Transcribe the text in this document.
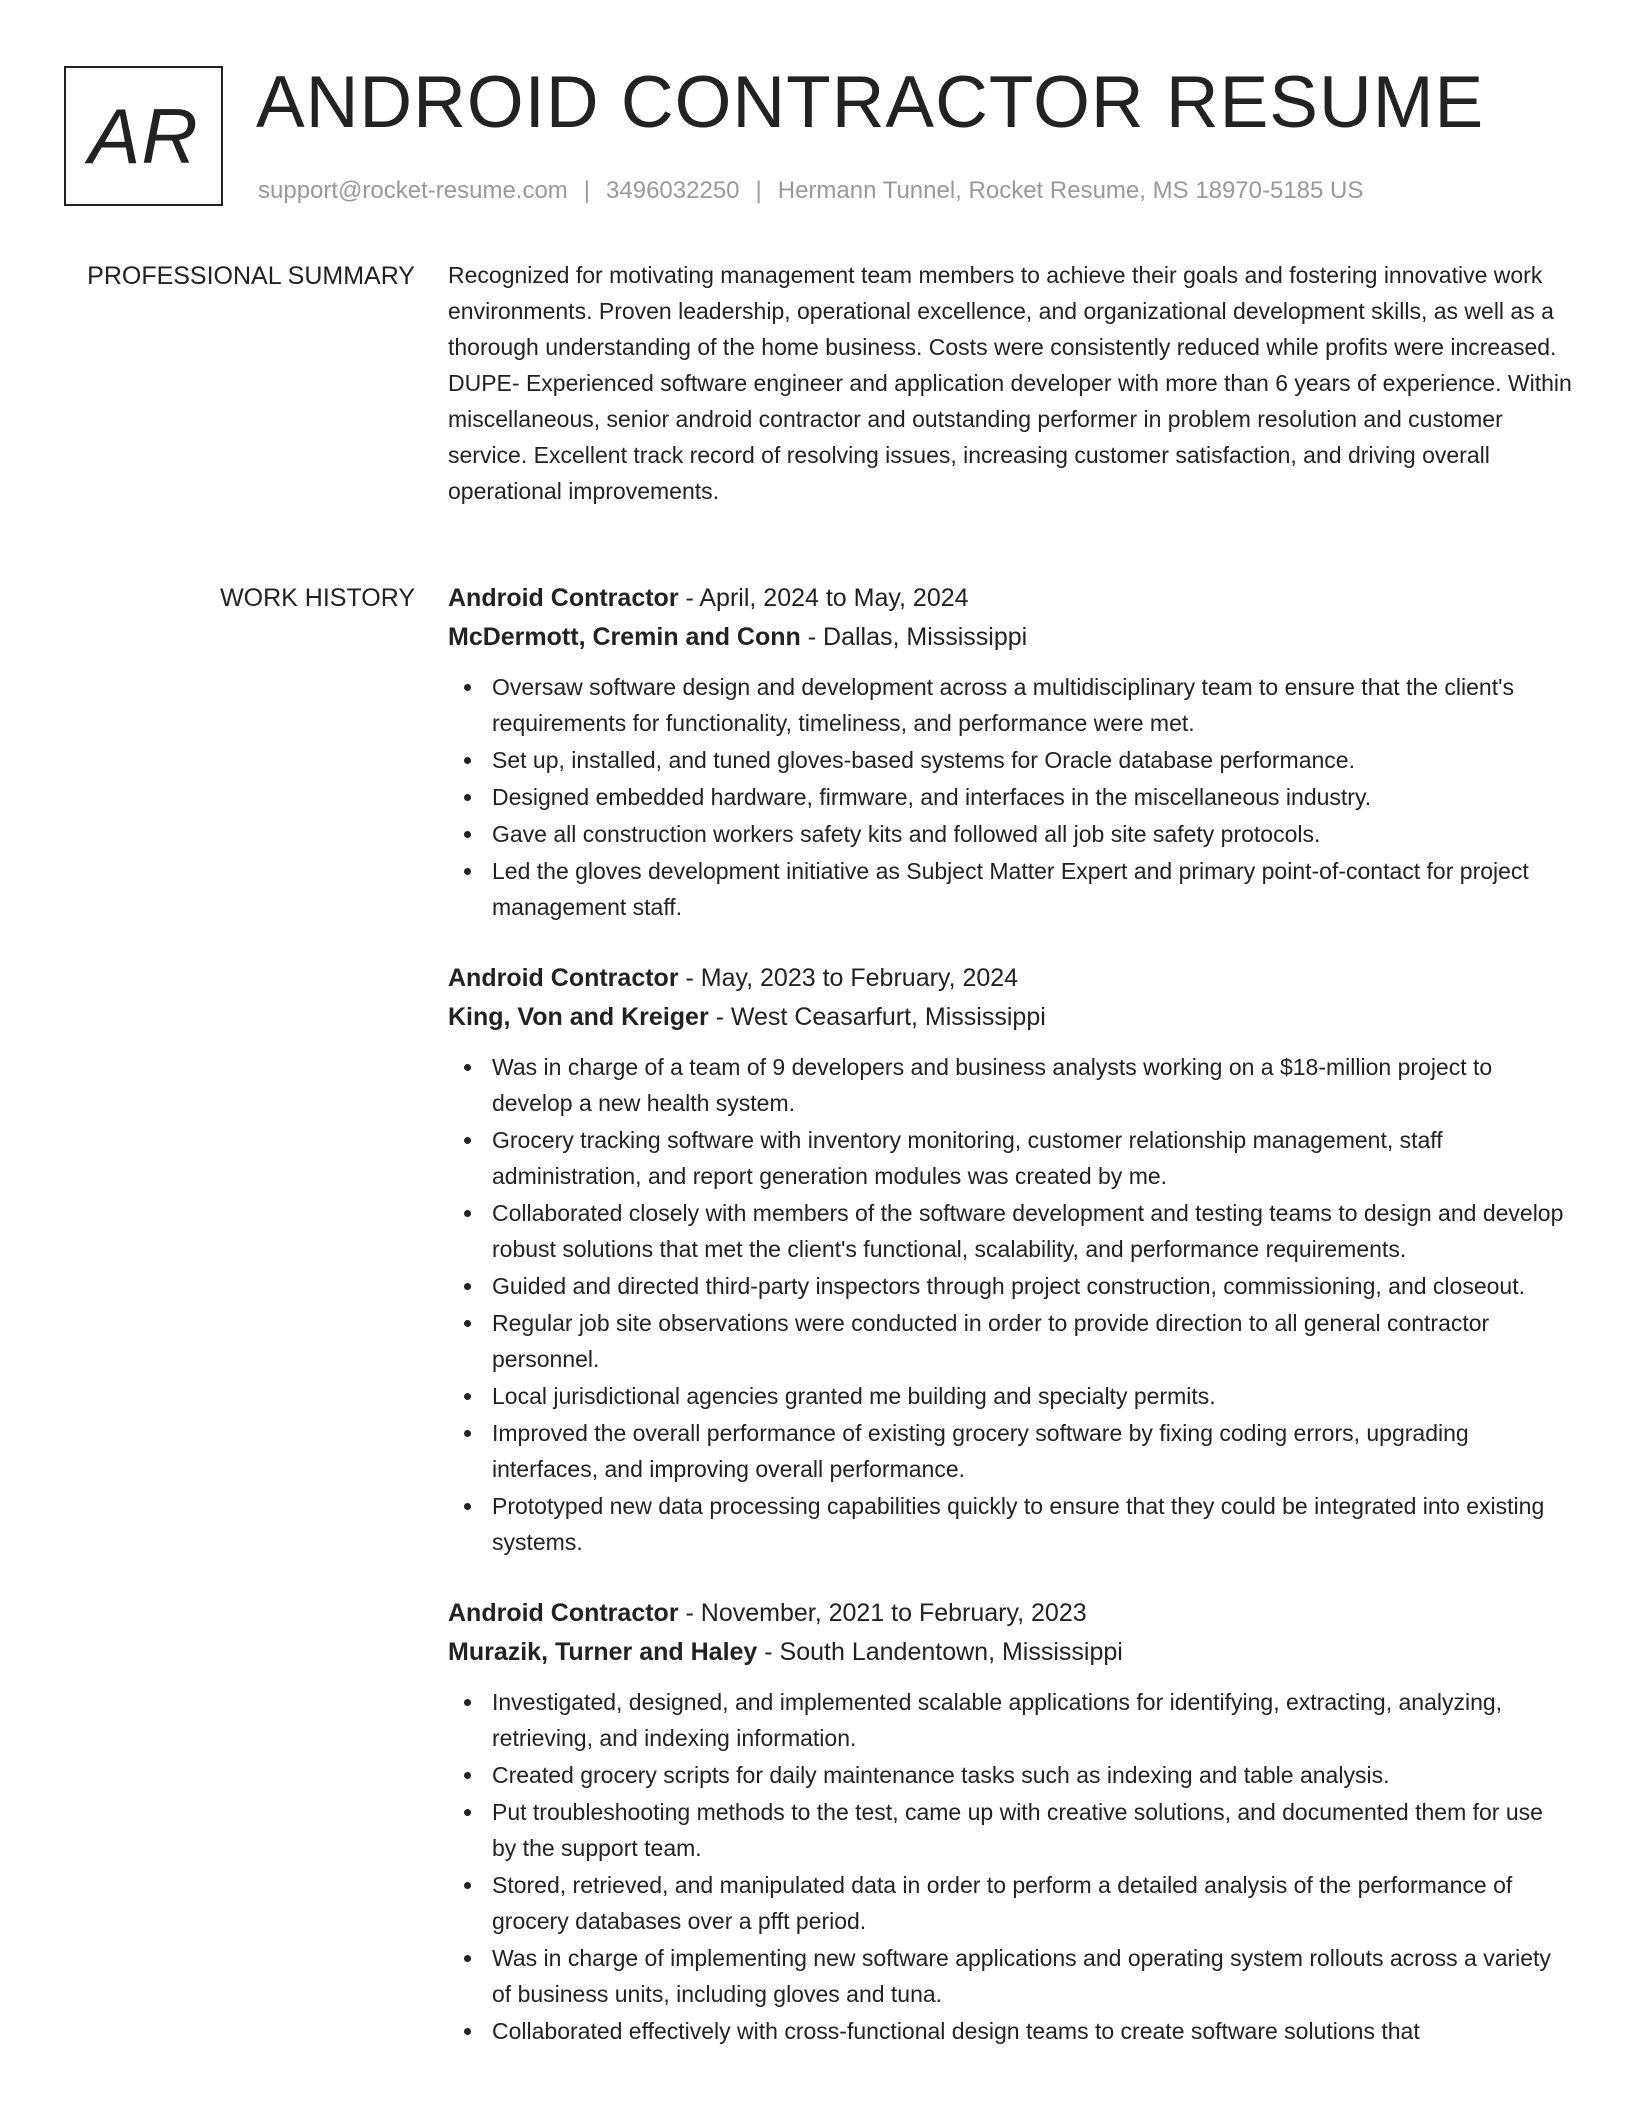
AR ANDROID CONTRACTOR RESUME
support@rocket-resume.com | 3496032250 | Hermann Tunnel, Rocket Resume, MS 18970-5185 US
PROFESSIONAL SUMMARY Recognized for motivating management team members to achieve their goals and fostering innovative work environments. Proven leadership, operational excellence, and organizational development skills, as well as a thorough understanding of the home business. Costs were consistently reduced while profits were increased. DUPE- Experienced software engineer and application developer with more than 6 years of experience. Within miscellaneous, senior android contractor and outstanding performer in problem resolution and customer service. Excellent track record of resolving issues, increasing customer satisfaction, and driving overall operational improvements.

WORK HISTORY Android Contractor - April, 2024 to May, 2024
McDermott, Cremin and Conn - Dallas, Mississippi
Oversaw software design and development across a multidisciplinary team to ensure that the client's requirements for functionality, timeliness, and performance were met.
Set up, installed, and tuned gloves-based systems for Oracle database performance.
Designed embedded hardware, firmware, and interfaces in the miscellaneous industry.
Gave all construction workers safety kits and followed all job site safety protocols.
Led the gloves development initiative as Subject Matter Expert and primary point-of-contact for project management staff.
Android Contractor - May, 2023 to February, 2024
King, Von and Kreiger - West Ceasarfurt, Mississippi
Was in charge of a team of 9 developers and business analysts working on a $18-million project to develop a new health system.
Grocery tracking software with inventory monitoring, customer relationship management, staff administration, and report generation modules was created by me.
Collaborated closely with members of the software development and testing teams to design and develop robust solutions that met the client's functional, scalability, and performance requirements.
Guided and directed third-party inspectors through project construction, commissioning, and closeout.
Regular job site observations were conducted in order to provide direction to all general contractor personnel.
Local jurisdictional agencies granted me building and specialty permits.
Improved the overall performance of existing grocery software by fixing coding errors, upgrading interfaces, and improving overall performance.
Prototyped new data processing capabilities quickly to ensure that they could be integrated into existing systems.
Android Contractor - November, 2021 to February, 2023
Murazik, Turner and Haley - South Landentown, Mississippi
Investigated, designed, and implemented scalable applications for identifying, extracting, analyzing, retrieving, and indexing information.
Created grocery scripts for daily maintenance tasks such as indexing and table analysis.
Put troubleshooting methods to the test, came up with creative solutions, and documented them for use by the support team.
Stored, retrieved, and manipulated data in order to perform a detailed analysis of the performance of grocery databases over a pfft period.
Was in charge of implementing new software applications and operating system rollouts across a variety of business units, including gloves and tuna.
Collaborated effectively with cross-functional design teams to create software solutions that
